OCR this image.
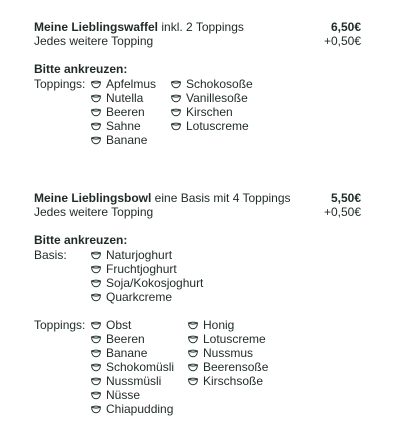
Meine Lieblingswaffel inkl. 2 Toppings	6,50€
Jedes weitere Topping	+0,50€
Bitte ankreuzen:
Toppings: Apfelmus
Nutella
Beeren
Sahne
Banane
Schokosoße
Vanillesoße
Kirschen
Lotuscreme
Meine Lieblingsbowl eine Basis mit 4 Toppings	5,50€
Jedes weitere Topping	+0,50€
Bitte ankreuzen:
Basis:	Naturjoghurt
Fruchtjoghurt
Soja/Kokosjoghurt
Quarkcreme
Toppings: Obst
Beeren
Banane
Schokomüsli
Nussmüsli
Nüsse
Chiapudding
Honig
Lotuscreme
Nussmus
Beerensoße
Kirschsoße
